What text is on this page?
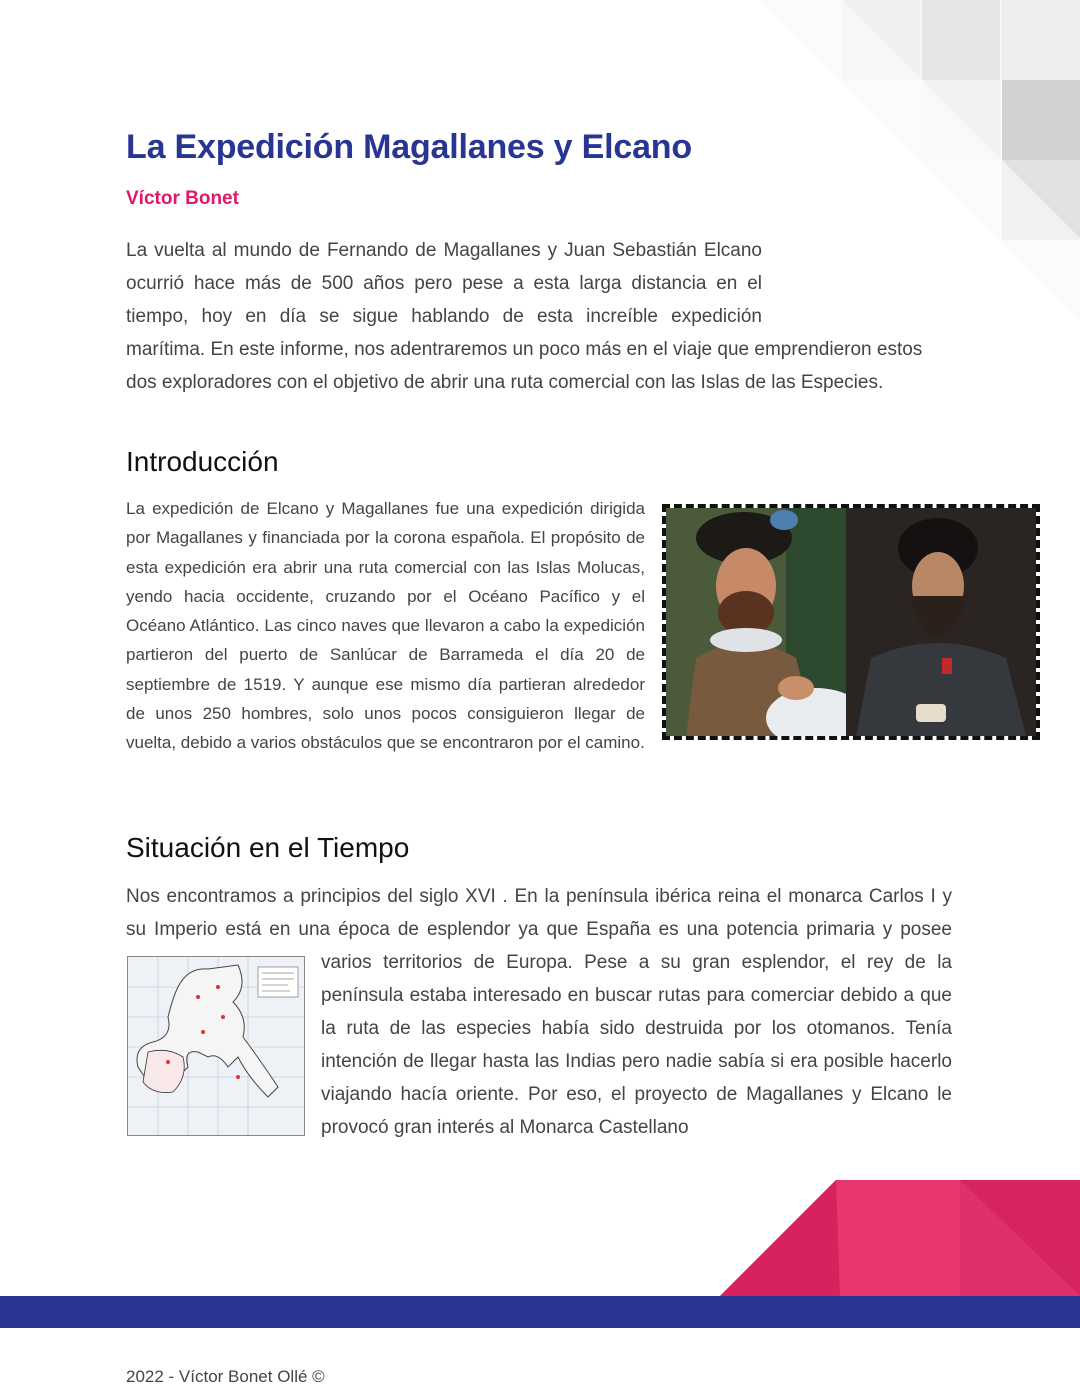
La Expedición Magallanes y Elcano

Víctor Bonet

La vuelta al mundo de Fernando de Magallanes y Juan Sebastián Elcano
ocurrió hace más de 500 años pero pese a esta larga distancia en el
tiempo, hoy en día se sigue hablando de esta increíble expedición
marítima. En este informe, nos adentraremos un poco más en el viaje que emprendieron estos dos exploradores con el objetivo de abrir una ruta comercial con las Islas de las Especies.

Introducción

La expedición de Elcano y Magallanes fue una expedición dirigida por Magallanes y financiada por la corona española. El propósito de esta expedición era abrir una ruta comercial con las Islas Molucas, yendo hacia occidente, cruzando por el Océano Pacífico y el Océano Atlántico. Las cinco naves que llevaron a cabo la expedición partieron del puerto de Sanlúcar de Barrameda el día 20 de septiembre de 1519. Y aunque ese mismo día partieran alrededor de unos 250 hombres, solo unos pocos consiguieron llegar de vuelta, debido a varios obstáculos que se encontraron por el camino.

Situación en el Tiempo

Nos encontramos a principios del siglo XVI . En la península ibérica reina el monarca Carlos I y
su Imperio está en una época de esplendor ya que España es una potencia primaria y posee

varios territorios de Europa. Pese a su gran esplendor, el rey de la península estaba interesado en buscar rutas para comerciar debido a que la ruta de las especies había sido destruida por los otomanos. Tenía intención de llegar hasta las Indias pero nadie sabía si era posible hacerlo viajando hacía oriente. Por eso, el proyecto de Magallanes y Elcano le provocó gran interés al Monarca Castellano

2022 - Víctor Bonet Ollé ©
